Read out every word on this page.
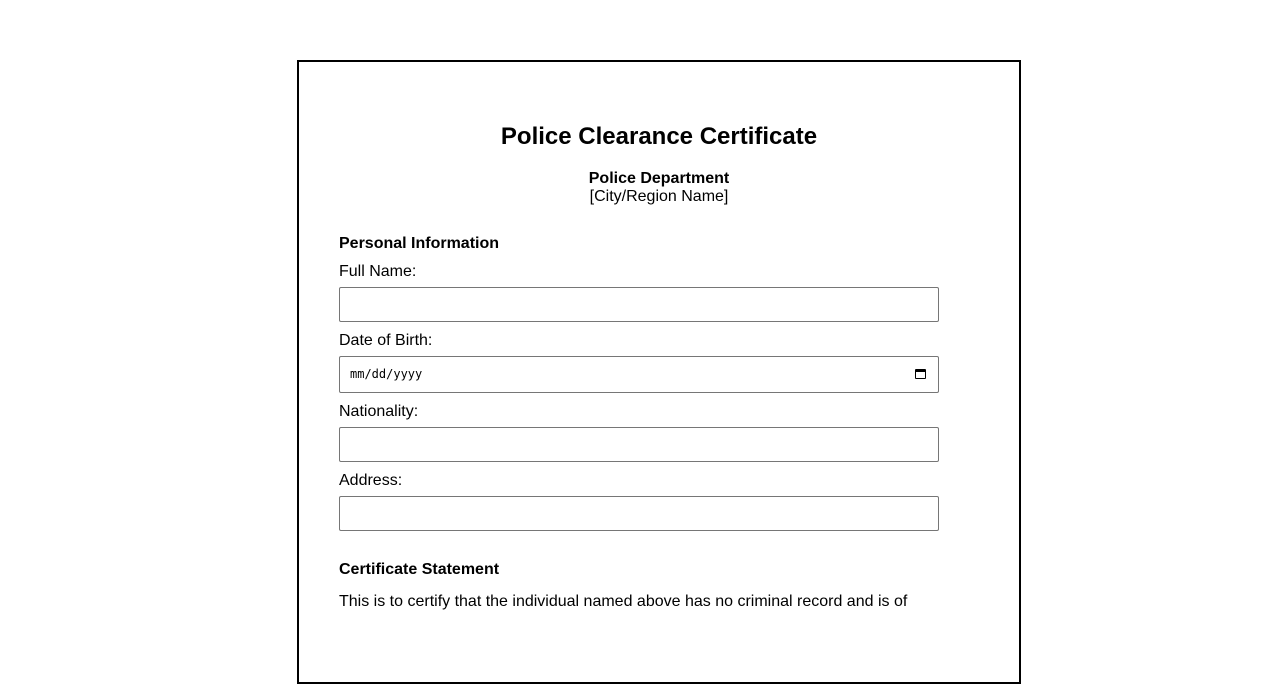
Police Clearance Certificate
Police Department
[City/Region Name]
Personal Information
Full Name:
Date of Birth:
mm/dd/yyyy
Nationality:
Address:
Certificate Statement
This is to certify that the individual named above has no criminal record and is of
